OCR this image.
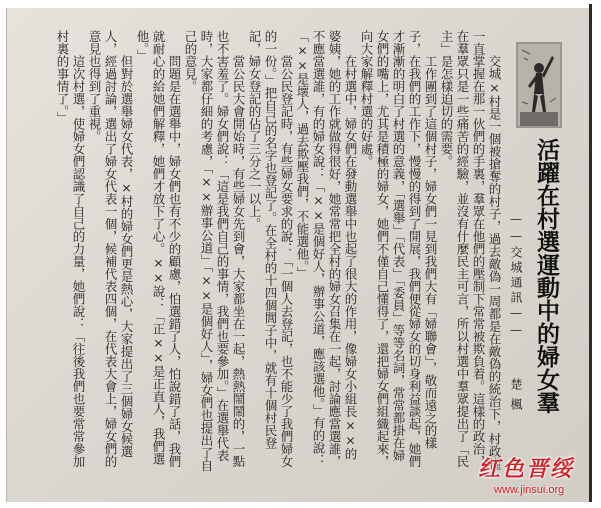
活躍在村選運動中的婦女羣
——交城通訊——
楚楓

交城×村是一個被搶奪的村子，過去敵偽一周都是在敵偽的統治下，村政權一直掌握在那一伙們的手裏，羣眾在他們的壓制下常常被欺負着。這樣的政治，在羣眾只是一些痛苦的經驗，並沒有什麼民主可言，所以村選中羣眾提出了「民主」是怎樣迫切的需要。

工作團到了這個村子，婦女們一見到我們大有「婦聯會」，敬而遠之的樣子，在我們的工作下，慢慢的得到了開展，我們便從婦女的切身利益談起，她們才漸漸的明白了村選的意義，「選舉」「代表」「委員」等等名詞，常常都掛在婦女們的嘴上，尤其是積極的婦女，她們不僅自己懂得了，還把婦女們組織起來，向大家解釋村選的好處。

在村選中，婦女們在發動選舉中也起了很大的作用，像婦女小組長××的婆姨，她的工作就做得很好，她常常把全村的婦女召集在一起，討論應當選誰，不應當選誰，有的婦女說：「××是個好人，辦事公道，應該選他。」有的說：「××是壞人，過去欺壓我們，不能選他。」

當公民登記時，有些婦女要求的說：「一個人去登記，也不能少了我們婦女的一份。」把自己的名字也登記了。在全村的十四個閭子中，就有十個村民登記，婦女登記的佔了三分之一以上。

當公民大會開始時，有些婦女先到會，大家都坐在一起，熱熱鬧鬧的，一點也不害羞了。婦女們說：「這是我們自己的事情，我們也要參加。」在選舉代表時，大家都仔細的考慮，「××辦事公道」「××是個好人」，婦女們也提出了自己的意見。

問題是在選舉中，婦女們也有不少的顧慮，怕選錯了人，怕說錯了話，我們就耐心的給她們解釋，她們才放下了心。××說：「正××是正直人，我們選他。」

但對於選舉婦女代表，×村的婦女們更是熱心，大家提出了三個婦女候選人，經過討論，選出了婦女代表一個，候補代表四個，在代表大會上，婦女們的意見也得到了重視。

這次村選，使婦女們認識了自己的力量，她們說：「往後我們也要常常參加村裏的事情了。」

红色晋绥
www.jinsui.org
